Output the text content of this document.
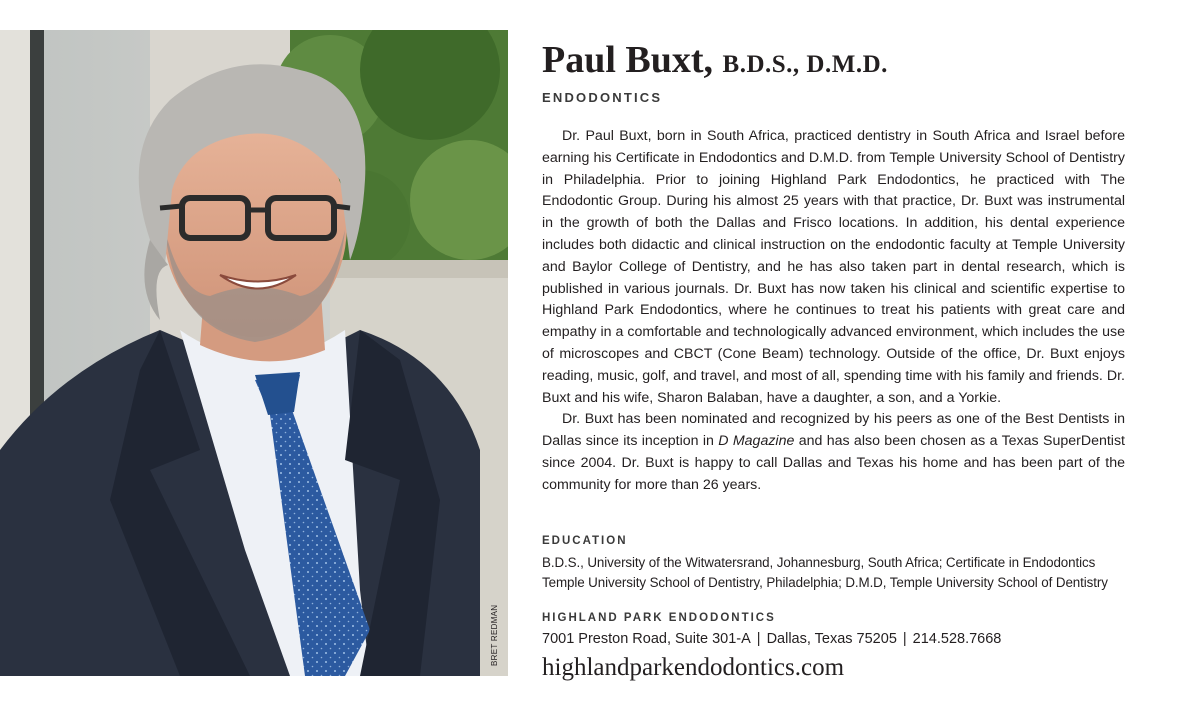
BRET REDMAN
Paul Buxt, B.D.S., D.M.D.
ENDODONTICS

Dr. Paul Buxt, born in South Africa, practiced dentistry in South Africa and Israel before earning his Certificate in Endodontics and D.M.D. from Temple University School of Dentistry in Philadelphia. Prior to joining Highland Park Endodontics, he practiced with The Endodontic Group. During his almost 25 years with that practice, Dr. Buxt was instrumental in the growth of both the Dallas and Frisco locations. In addition, his dental experience includes both didactic and clinical instruction on the endodontic faculty at Temple University and Baylor College of Dentistry, and he has also taken part in dental research, which is published in various journals. Dr. Buxt has now taken his clinical and scientific expertise to Highland Park Endodontics, where he continues to treat his patients with great care and empathy in a comfortable and technologically advanced environment, which includes the use of microscopes and CBCT (Cone Beam) technology. Outside of the office, Dr. Buxt enjoys reading, music, golf, and travel, and most of all, spending time with his family and friends. Dr. Buxt and his wife, Sharon Balaban, have a daughter, a son, and a Yorkie.

Dr. Buxt has been nominated and recognized by his peers as one of the Best Dentists in Dallas since its inception in D Magazine and has also been chosen as a Texas SuperDentist since 2004. Dr. Buxt is happy to call Dallas and Texas his home and has been part of the community for more than 26 years.

EDUCATION
B.D.S., University of the Witwatersrand, Johannesburg, South Africa; Certificate in Endodontics
Temple University School of Dentistry, Philadelphia; D.M.D, Temple University School of Dentistry
HIGHLAND PARK ENDODONTICS
7001 Preston Road, Suite 301-A | Dallas, Texas 75205 | 214.528.7668
highlandparkendodontics.com
